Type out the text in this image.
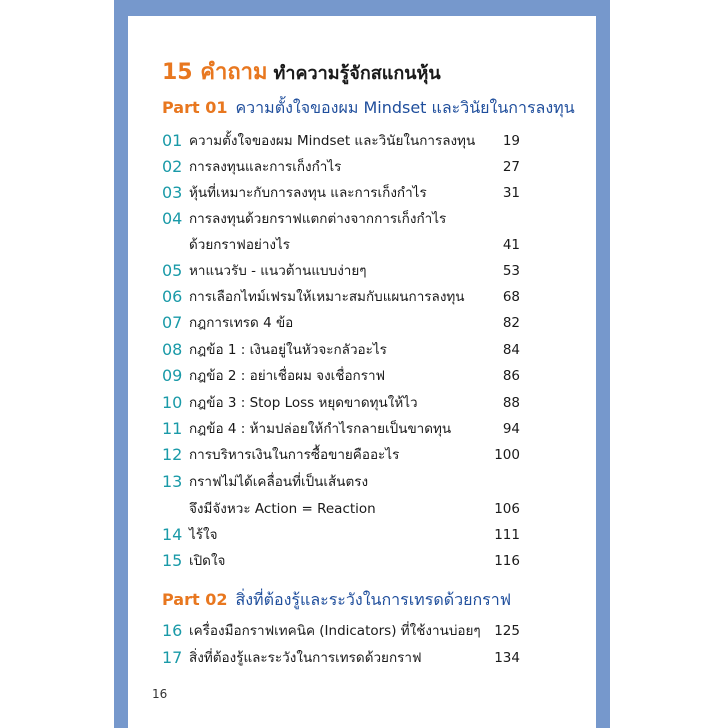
15 คำถาม ทำความรู้จักสแกนหุ้น
Part 01 ความตั้งใจของผม Mindset และวินัยในการลงทุน
01 ความตั้งใจของผม Mindset และวินัยในการลงทุน 19
02 การลงทุนและการเก็งกำไร	27
03 หุ้นที่เหมาะกับการลงทุน และการเก็งกำไร	31
04 การลงทุนด้วยกราฟแตกต่างจากการเก็งกำไร
ด้วยกราฟอย่างไร	41
05 หาแนวรับ - แนวต้านแบบง่ายๆ	53
06 การเลือกไทม์เฟรมให้เหมาะสมกับแผนการลงทุน	68
07 กฎการเทรด 4 ข้อ	82
08 กฎข้อ 1 : เงินอยู่ในหัวจะกลัวอะไร	84
09 กฎข้อ 2 : อย่าเชื่อผม จงเชื่อกราฟ	86
10 กฎข้อ 3 : Stop Loss หยุดขาดทุนให้ไว	88
11 กฎข้อ 4 : ห้ามปล่อยให้กำไรกลายเป็นขาดทุน	94
12 การบริหารเงินในการซื้อขายคืออะไร	100
13 กราฟไม่ได้เคลื่อนที่เป็นเส้นตรง
จึงมีจังหวะ Action = Reaction	106
14 ไร้ใจ	111
15 เปิดใจ	116
Part 02 สิ่งที่ต้องรู้และระวังในการเทรดด้วยกราฟ
16 เครื่องมือกราฟเทคนิค (Indicators) ที่ใช้งานบ่อยๆ 125
17 สิ่งที่ต้องรู้และระวังในการเทรดด้วยกราฟ	134
16
